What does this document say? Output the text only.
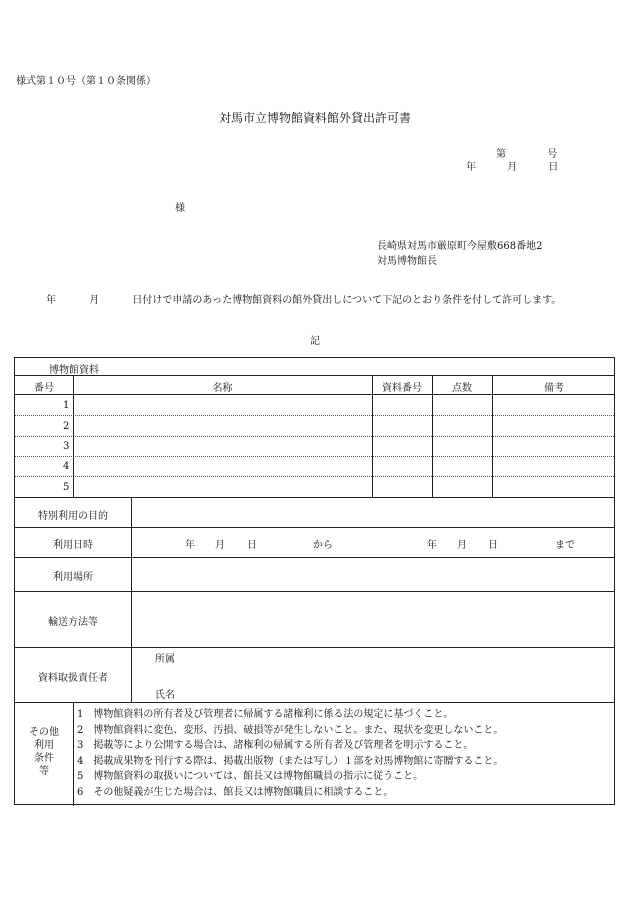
様式第１０号（第１０条関係）
対馬市立博物館資料館外貸出許可書
第	号
年	月	日
様
長崎県対馬市厳原町今屋敷668番地2
対馬博物館長
年	月	日付けで申請のあった博物館資料の館外貸出しについて下記のとおり条件を付して許可します。
記
博物館資料
番号	名称	資料番号	点数	備考
1
2
3
4
5
特別利用の目的
利用日時	年 月 日	から	年 月 日	まで
利用場所
輸送方法等
資料取扱責任者
所属
氏名
その他
利用
条件
等
1　 博物館資料の所有者及び管理者に帰属する諸権利に係る法の規定に基づくこと。
2　 博物館資料に変色、変形、汚損、破損等が発生しないこと。また、現状を変更しないこと。
3　 掲載等により公開する場合は、諸権利の帰属する所有者及び管理者を明示すること。
4　 掲載成果物を刊行する際は、掲載出版物（または写し）１部を対馬博物館に寄贈すること。
5　 博物館資料の取扱いについては、館長又は博物館職員の指示に従うこと。
6　 その他疑義が生じた場合は、館長又は博物館職員に相談すること。
